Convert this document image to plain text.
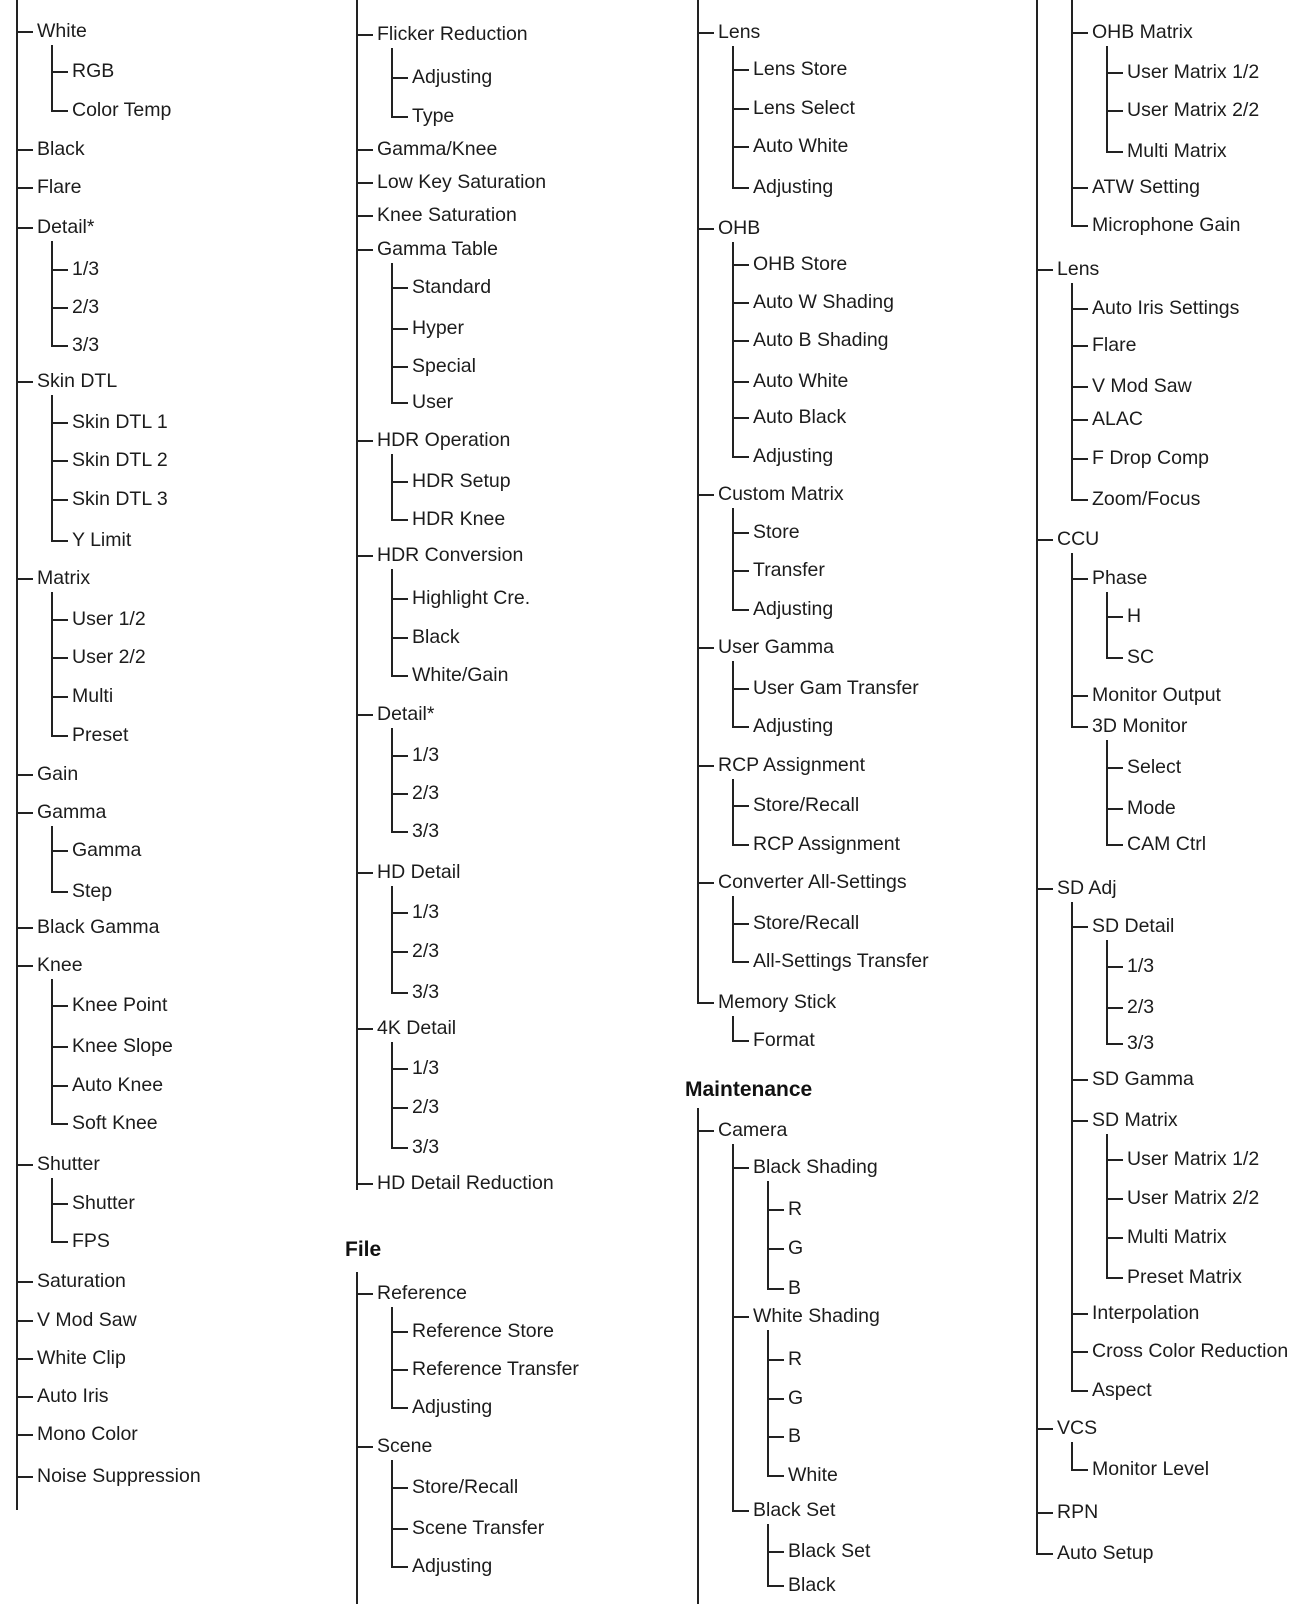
White
RGB
Color Temp
Black
Flare
Detail*
1/3
2/3
3/3
Skin DTL
Skin DTL 1
Skin DTL 2
Skin DTL 3
Y Limit
Matrix
User 1/2
User 2/2
Multi
Preset
Gain
Gamma
Gamma
Step
Black Gamma
Knee
Knee Point
Knee Slope
Auto Knee
Soft Knee
Shutter
Shutter
FPS
Saturation
V Mod Saw
White Clip
Auto Iris
Mono Color
Noise Suppression
File
Flicker Reduction
Adjusting
Type
Gamma/Knee
Low Key Saturation
Knee Saturation
Gamma Table
Standard
Hyper
Special
User
HDR Operation
HDR Setup
HDR Knee
HDR Conversion
Highlight Cre.
Black
White/Gain
Detail*
1/3
2/3
3/3
HD Detail
1/3
2/3
3/3
4K Detail
1/3
2/3
3/3
HD Detail Reduction
Reference
Reference Store
Reference Transfer
Adjusting
Scene
Store/Recall
Scene Transfer
Adjusting
Maintenance
Lens
Lens Store
Lens Select
Auto White
Adjusting
OHB
OHB Store
Auto W Shading
Auto B Shading
Auto White
Auto Black
Adjusting
Custom Matrix
Store
Transfer
Adjusting
User Gamma
User Gam Transfer
Adjusting
RCP Assignment
Store/Recall
RCP Assignment
Converter All-Settings
Store/Recall
All-Settings Transfer
Memory Stick
Format
Camera
Black Shading
R
G
B
White Shading
R
G
B
White
Black Set
Black Set
Black
OHB Matrix
User Matrix 1/2
User Matrix 2/2
Multi Matrix
ATW Setting
Microphone Gain
Lens
Auto Iris Settings
Flare
V Mod Saw
ALAC
F Drop Comp
Zoom/Focus
CCU
Phase
H
SC
Monitor Output
3D Monitor
Select
Mode
CAM Ctrl
SD Adj
SD Detail
1/3
2/3
3/3
SD Gamma
SD Matrix
User Matrix 1/2
User Matrix 2/2
Multi Matrix
Preset Matrix
Interpolation
Cross Color Reduction
Aspect
VCS
Monitor Level
RPN
Auto Setup
